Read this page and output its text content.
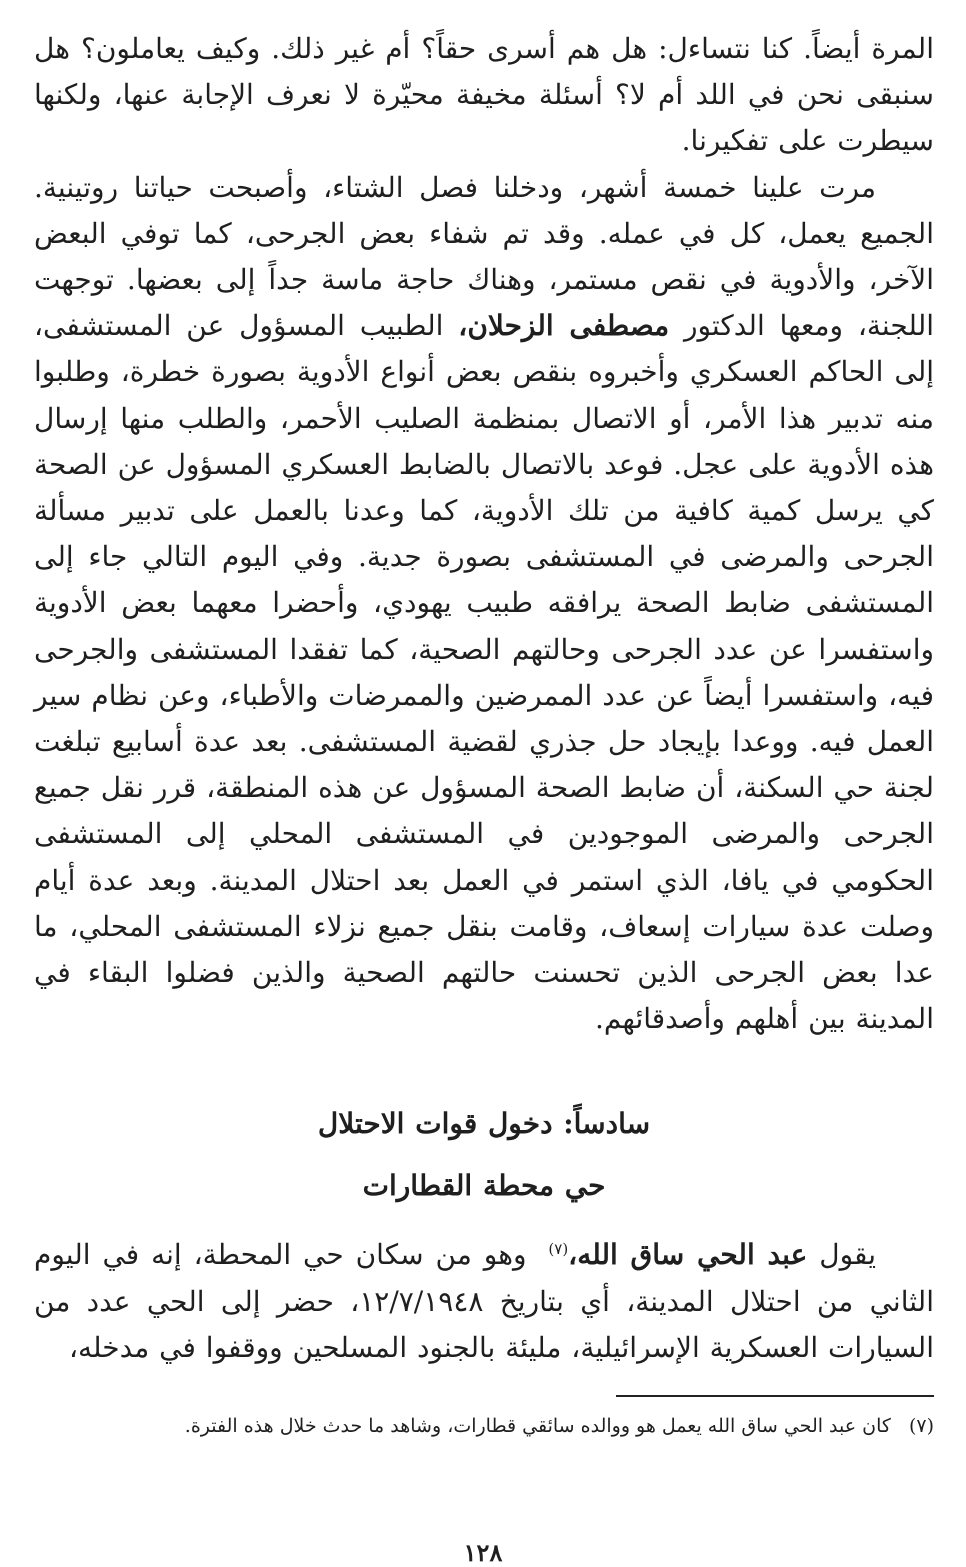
المرة أيضاً. كنا نتساءل: هل هم أسرى حقاً؟ أم غير ذلك. وكيف يعاملون؟ هل سنبقى نحن في اللد أم لا؟ أسئلة مخيفة محيّرة لا نعرف الإجابة عنها، ولكنها سيطرت على تفكيرنا.

مرت علينا خمسة أشهر، ودخلنا فصل الشتاء، وأصبحت حياتنا روتينية. الجميع يعمل، كل في عمله. وقد تم شفاء بعض الجرحى، كما توفي البعض الآخر، والأدوية في نقص مستمر، وهناك حاجة ماسة جداً إلى بعضها. توجهت اللجنة، ومعها الدكتور مصطفى الزحلان، الطبيب المسؤول عن المستشفى، إلى الحاكم العسكري وأخبروه بنقص بعض أنواع الأدوية بصورة خطرة، وطلبوا منه تدبير هذا الأمر، أو الاتصال بمنظمة الصليب الأحمر، والطلب منها إرسال هذه الأدوية على عجل. فوعد بالاتصال بالضابط العسكري المسؤول عن الصحة كي يرسل كمية كافية من تلك الأدوية، كما وعدنا بالعمل على تدبير مسألة الجرحى والمرضى في المستشفى بصورة جدية. وفي اليوم التالي جاء إلى المستشفى ضابط الصحة يرافقه طبيب يهودي، وأحضرا معهما بعض الأدوية واستفسرا عن عدد الجرحى وحالتهم الصحية، كما تفقدا المستشفى والجرحى فيه، واستفسرا أيضاً عن عدد الممرضين والممرضات والأطباء، وعن نظام سير العمل فيه. ووعدا بإيجاد حل جذري لقضية المستشفى. بعد عدة أسابيع تبلغت لجنة حي السكنة، أن ضابط الصحة المسؤول عن هذه المنطقة، قرر نقل جميع الجرحى والمرضى الموجودين في المستشفى المحلي إلى المستشفى الحكومي في يافا، الذي استمر في العمل بعد احتلال المدينة. وبعد عدة أيام وصلت عدة سيارات إسعاف، وقامت بنقل جميع نزلاء المستشفى المحلي، ما عدا بعض الجرحى الذين تحسنت حالتهم الصحية والذين فضلوا البقاء في المدينة بين أهلهم وأصدقائهم.

سادساً: دخول قوات الاحتلال
حي محطة القطارات

يقول عبد الحي ساق الله،$^{(٧)}$ وهو من سكان حي المحطة، إنه في اليوم الثاني من احتلال المدينة، أي بتاريخ ١٢/٧/١٩٤٨، حضر إلى الحي عدد من السيارات العسكرية الإسرائيلية، مليئة بالجنود المسلحين ووقفوا في مدخله،

(٧)كان عبد الحي ساق الله يعمل هو ووالده سائقي قطارات، وشاهد ما حدث خلال هذه الفترة.

١٢٨
